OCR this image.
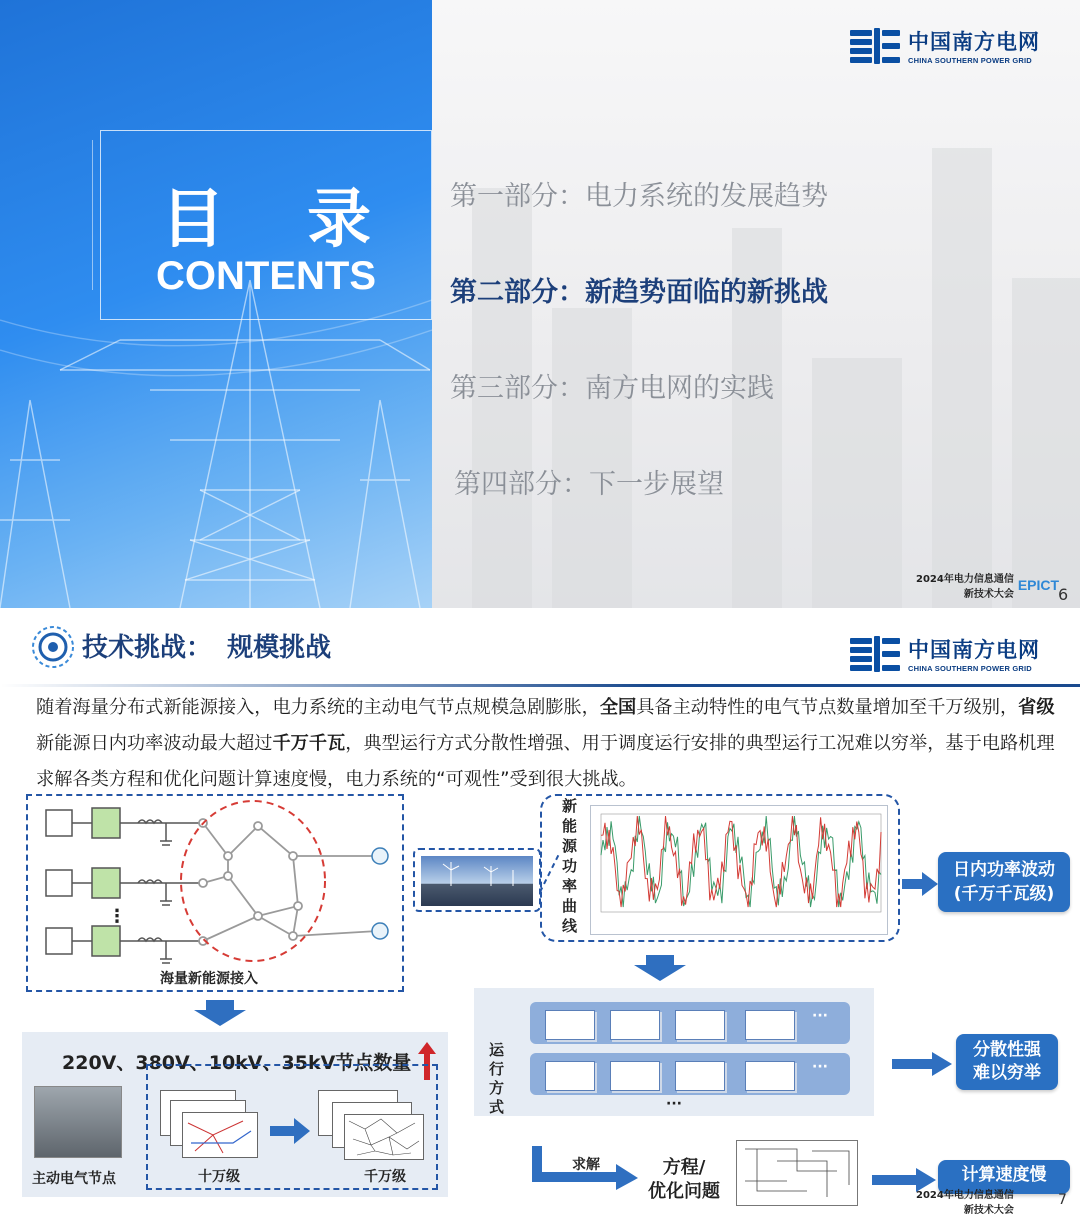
目 录
CONTENTS
第一部分：电力系统的发展趋势
第二部分：新趋势面临的新挑战
第三部分：南方电网的实践
第四部分：下一步展望
中国南方电网
CHINA SOUTHERN POWER GRID
2024年电力信息通信
新技术大会
EPICT
6
技术挑战： 规模挑战	中国南方电网
CHINA SOUTHERN POWER GRID
随着海量分布式新能源接入，电力系统的主动电气节点规模急剧膨胀，全国具备主动特性的电气节点数量增加至千万级别，省级新能源日内功率波动最大超过千万千瓦，典型运行方式分散性增强、用于调度运行安排的典型运行工况难以穷举，基于电路机理求解各类方程和优化问题计算速度慢，电力系统的“可观性”受到很大挑战。
⋮
海量新能源接入
220V、380V、10kV、35kV节点数量
主动电气节点	十万级	千万级
新能源功率曲线	日内功率波动
(千万千瓦级)

运行方式

···
···
···
分散性强
难以穷举
求解	方程/
优化问题
计算速度慢
2024年电力信息通信
新技术大会
7
